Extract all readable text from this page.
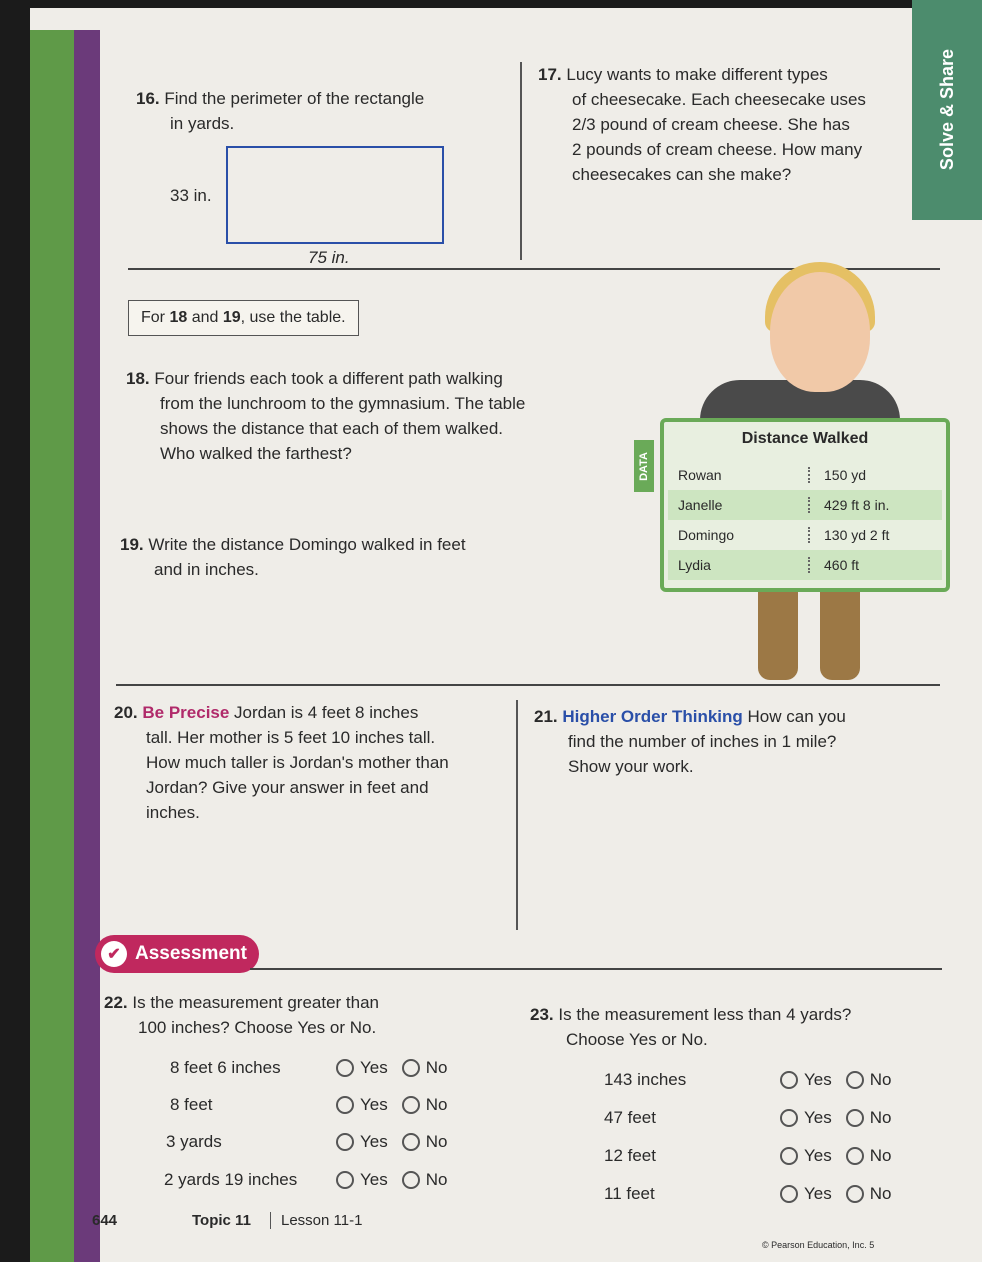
Solve & Share
16. Find the perimeter of the rectangle
in yards.
33 in.
75 in.
17. Lucy wants to make different types
of cheesecake. Each cheesecake uses
2/3 pound of cream cheese. She has
2 pounds of cream cheese. How many
cheesecakes can she make?
For 18 and 19, use the table.
18. Four friends each took a different path walking
from the lunchroom to the gymnasium. The table
shows the distance that each of them walked.
Who walked the farthest?
19. Write the distance Domingo walked in feet
and in inches.
DATA
Distance Walked
Rowan	150 yd
Janelle	429 ft 8 in.
Domingo	130 yd 2 ft
Lydia	460 ft
20. Be Precise Jordan is 4 feet 8 inches
tall. Her mother is 5 feet 10 inches tall.
How much taller is Jordan's mother than
Jordan? Give your answer in feet and
inches.
21. Higher Order Thinking How can you
find the number of inches in 1 mile?
Show your work.
✔ Assessment
22. Is the measurement greater than
100 inches? Choose Yes or No.
8 feet 6 inches	Yes No
8 feet	Yes No
3 yards	Yes No
2 yards 19 inches	Yes No
23. Is the measurement less than 4 yards?
Choose Yes or No.
143 inches	Yes No
47 feet	Yes No
12 feet	Yes No
11 feet	Yes No
644	Topic 11	Lesson 11-1
© Pearson Education, Inc. 5
